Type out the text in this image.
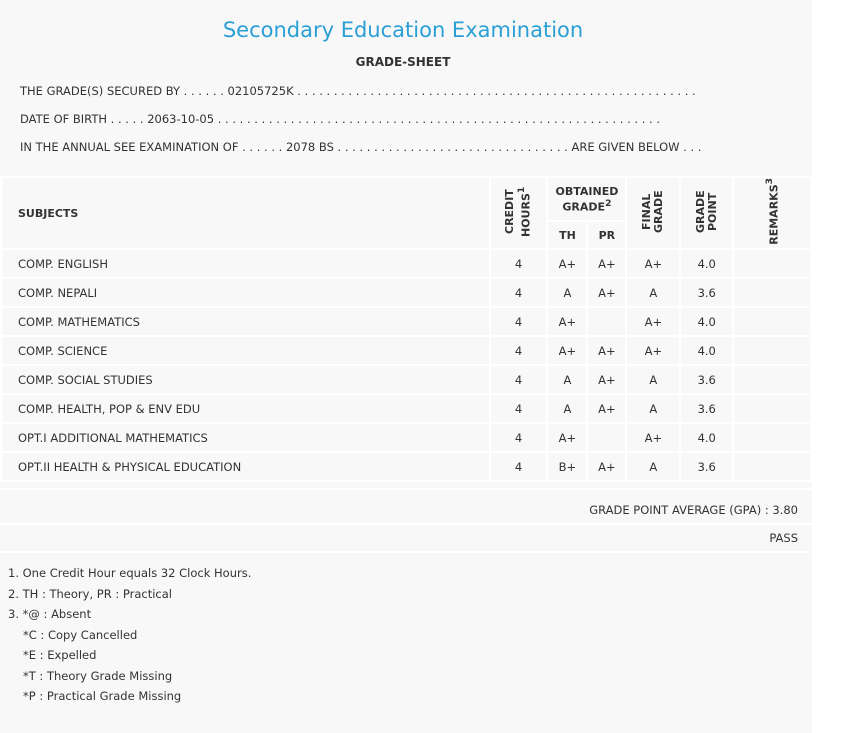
Secondary Education Examination
GRADE-SHEET
THE GRADE(S) SECURED BY . . . . . . 02105725K . . . . . . . . . . . . . . . . . . . . . . . . . . . . . . . . . . . . . . . . . . . . . . . . . . . . . . .
DATE OF BIRTH . . . . . 2063-10-05 . . . . . . . . . . . . . . . . . . . . . . . . . . . . . . . . . . . . . . . . . . . . . . . . . . . . . . . . . . . . .
IN THE ANNUAL SEE EXAMINATION OF . . . . . . 2078 BS . . . . . . . . . . . . . . . . . . . . . . . . . . . . . . . . ARE GIVEN BELOW . . .
SUBJECTS	CREDIT HOURS$^1$	OBTAINED GRADE$^2$		FINAL GRADE	GRADE POINT	REMARKS$^3$
		TH	PR			
COMP. ENGLISH	4	A+	A+	A+	4.0	
COMP. NEPALI	4	A	A+	A	3.6	
COMP. MATHEMATICS	4	A+		A+	4.0	
COMP. SCIENCE	4	A+	A+	A+	4.0	
COMP. SOCIAL STUDIES	4	A	A+	A	3.6	
COMP. HEALTH, POP & ENV EDU	4	A	A+	A	3.6	
OPT.I ADDITIONAL MATHEMATICS	4	A+		A+	4.0	
OPT.II HEALTH & PHYSICAL EDUCATION	4	B+	A+	A	3.6	
GRADE POINT AVERAGE (GPA) : 3.80
PASS
1. One Credit Hour equals 32 Clock Hours.
2. TH : Theory, PR : Practical
3. *@ : Absent
*C : Copy Cancelled
*E : Expelled
*T : Theory Grade Missing
*P : Practical Grade Missing
